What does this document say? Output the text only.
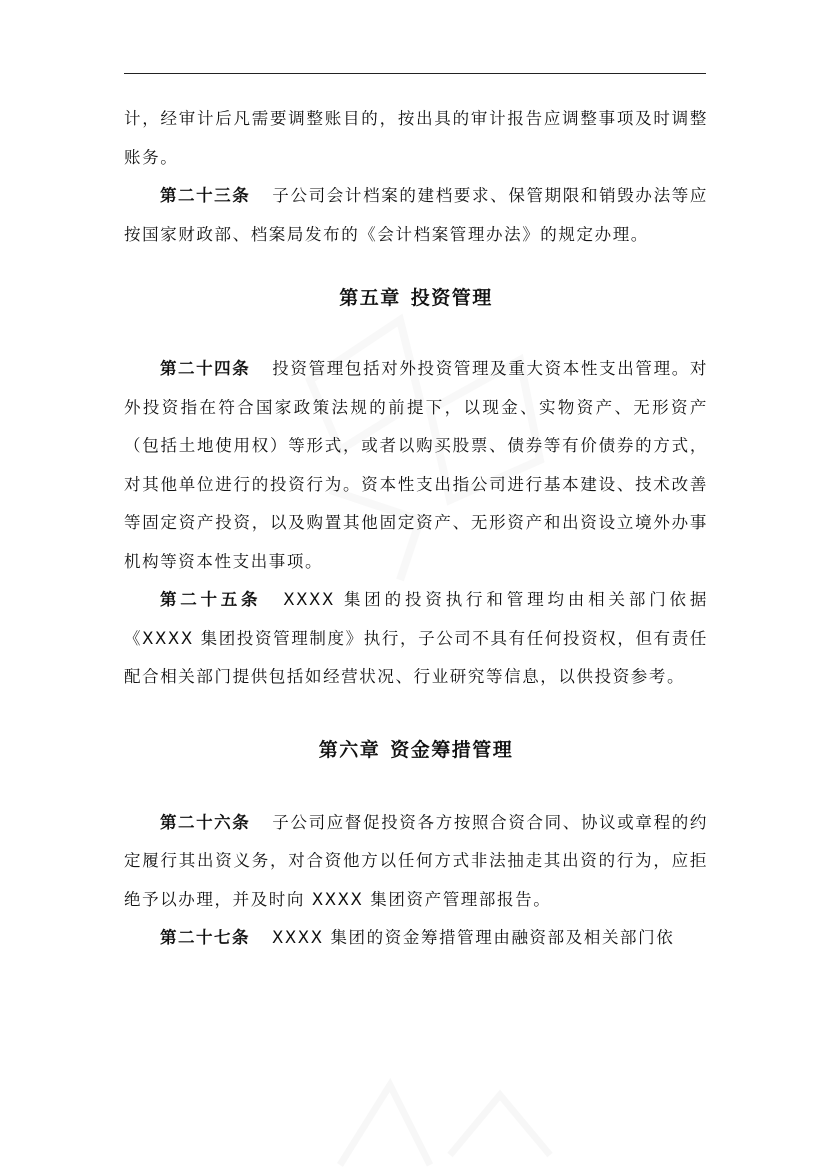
计，经审计后凡需要调整账目的，按出具的审计报告应调整事项及时调整账务。

第二十三条 子公司会计档案的建档要求、保管期限和销毁办法等应按国家财政部、档案局发布的《会计档案管理办法》的规定办理。

第五章 投资管理

第二十四条 投资管理包括对外投资管理及重大资本性支出管理。对外投资指在符合国家政策法规的前提下，以现金、实物资产、无形资产（包括土地使用权）等形式，或者以购买股票、债券等有价债券的方式，对其他单位进行的投资行为。资本性支出指公司进行基本建设、技术改善等固定资产投资，以及购置其他固定资产、无形资产和出资设立境外办事机构等资本性支出事项。

第二十五条 XXXX 集团的投资执行和管理均由相关部门依据《XXXX 集团投资管理制度》执行，子公司不具有任何投资权，但有责任配合相关部门提供包括如经营状况、行业研究等信息，以供投资参考。

第六章 资金筹措管理

第二十六条 子公司应督促投资各方按照合资合同、协议或章程的约定履行其出资义务，对合资他方以任何方式非法抽走其出资的行为，应拒绝予以办理，并及时向 XXXX 集团资产管理部报告。

第二十七条 XXXX 集团的资金筹措管理由融资部及相关部门依
